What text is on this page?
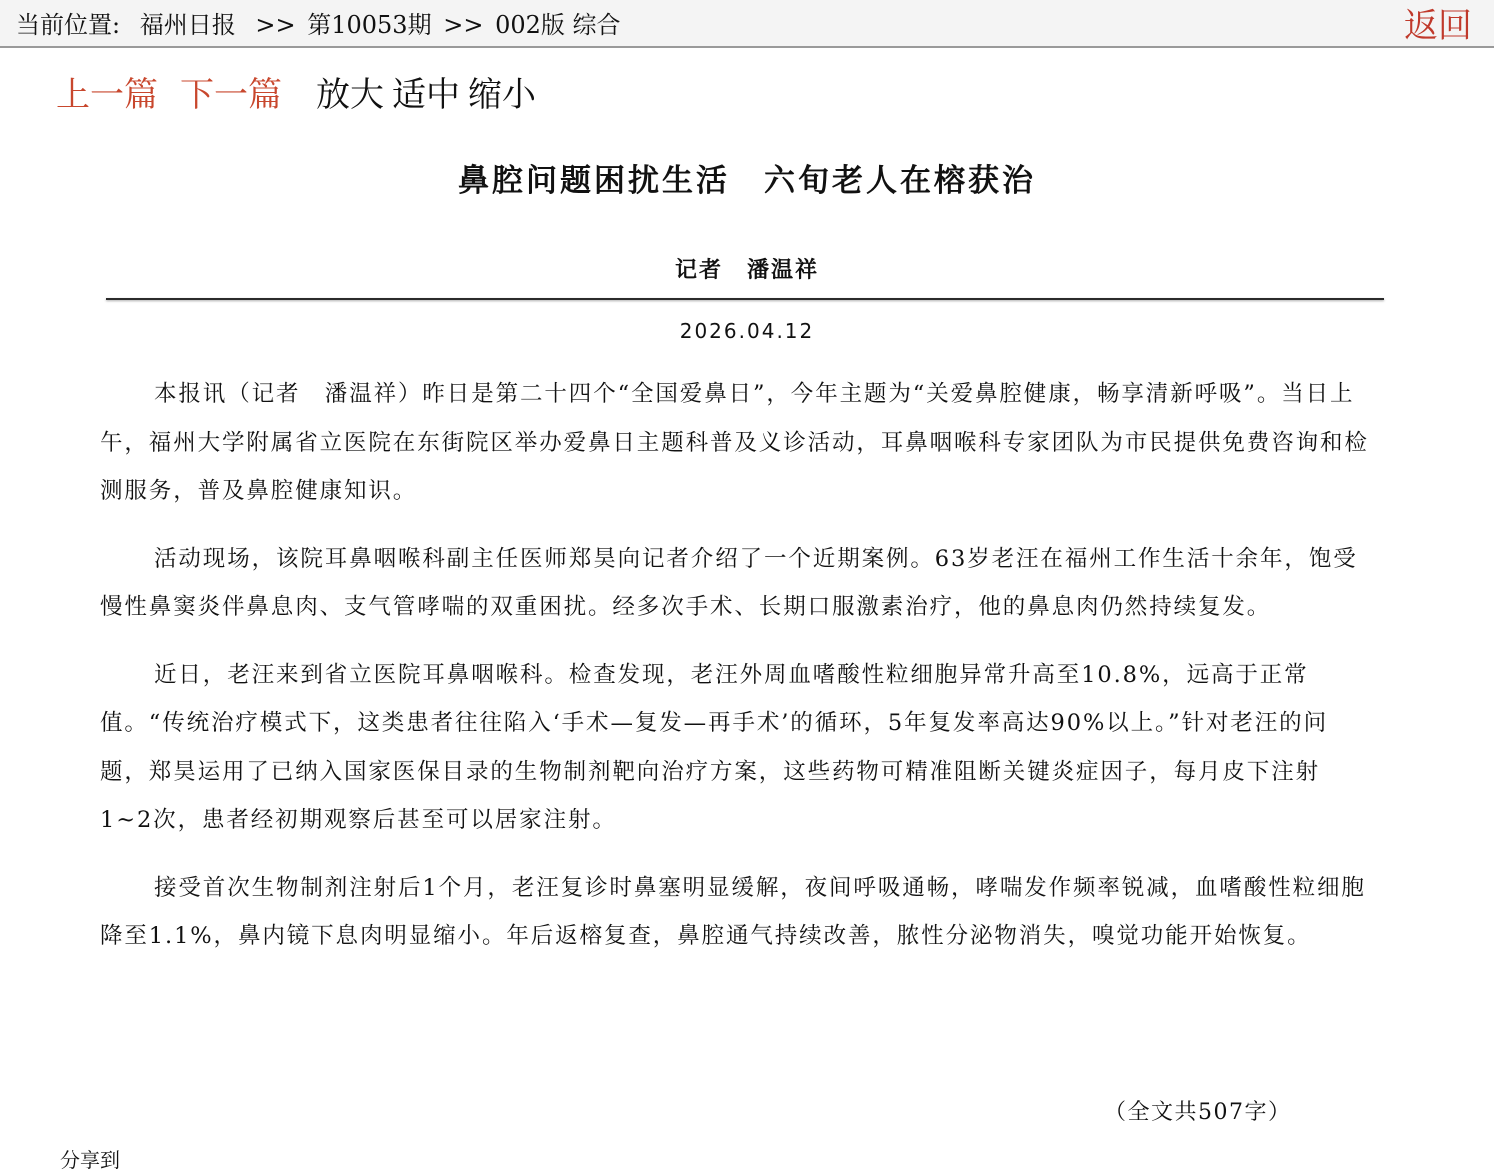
当前位置: 福州日报 >> 第10053期 >> 002版 综合	返回
上一篇 下一篇 放大 适中 缩小
鼻腔问题困扰生活　六旬老人在榕获治
记者　潘温祥
2026.04.12

本报讯（记者　潘温祥）昨日是第二十四个“全国爱鼻日”，今年主题为“关爱鼻腔健康，畅享清新呼吸”。当日上午，福州大学附属省立医院在东街院区举办爱鼻日主题科普及义诊活动，耳鼻咽喉科专家团队为市民提供免费咨询和检测服务，普及鼻腔健康知识。

活动现场，该院耳鼻咽喉科副主任医师郑昊向记者介绍了一个近期案例。63岁老汪在福州工作生活十余年，饱受慢性鼻窦炎伴鼻息肉、支气管哮喘的双重困扰。经多次手术、长期口服激素治疗，他的鼻息肉仍然持续复发。

近日，老汪来到省立医院耳鼻咽喉科。检查发现，老汪外周血嗜酸性粒细胞异常升高至10.8%，远高于正常值。“传统治疗模式下，这类患者往往陷入‘手术—复发—再手术’的循环，5年复发率高达90%以上。”针对老汪的问题，郑昊运用了已纳入国家医保目录的生物制剂靶向治疗方案，这些药物可精准阻断关键炎症因子，每月皮下注射1~2次，患者经初期观察后甚至可以居家注射。

接受首次生物制剂注射后1个月，老汪复诊时鼻塞明显缓解，夜间呼吸通畅，哮喘发作频率锐减，血嗜酸性粒细胞降至1.1%，鼻内镜下息肉明显缩小。年后返榕复查，鼻腔通气持续改善，脓性分泌物消失，嗅觉功能开始恢复。

（全文共507字）
分享到
